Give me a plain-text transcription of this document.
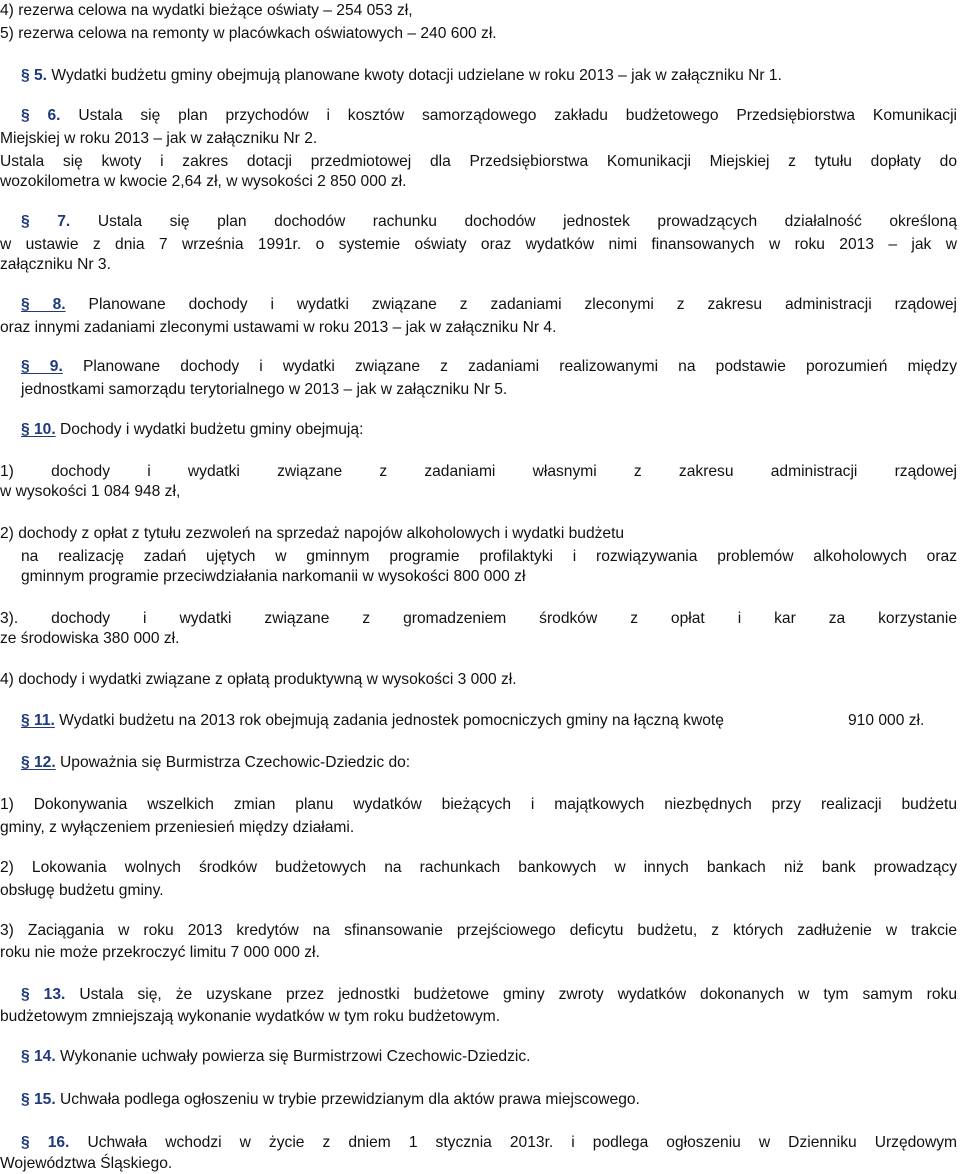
4) rezerwa celowa na wydatki bieżące oświaty – 254 053 zł,

5) rezerwa celowa na remonty w placówkach oświatowych – 240 600 zł.

§ 5. Wydatki budżetu gminy obejmują planowane kwoty dotacji udzielane w roku 2013 – jak w załączniku Nr 1.

§ 6. Ustala się plan przychodów i kosztów samorządowego zakładu budżetowego Przedsiębiorstwa Komunikacji

Miejskiej w roku 2013 – jak w załączniku Nr 2.

Ustala się kwoty i zakres dotacji przedmiotowej dla Przedsiębiorstwa Komunikacji Miejskiej z tytułu dopłaty do

wozokilometra w kwocie 2,64 zł, w wysokości 2 850 000 zł.

§ 7. Ustala się plan dochodów rachunku dochodów jednostek prowadzących działalność określoną

w ustawie z dnia 7 września 1991r. o systemie oświaty oraz wydatków nimi finansowanych w roku 2013 – jak w

załączniku Nr 3.

§ 8. Planowane dochody i wydatki związane z zadaniami zleconymi z zakresu administracji rządowej

oraz innymi zadaniami zleconymi ustawami w roku 2013 – jak w załączniku Nr 4.

§ 9. Planowane dochody i wydatki związane z zadaniami realizowanymi na podstawie porozumień między

jednostkami samorządu terytorialnego w 2013 – jak w załączniku Nr 5.

§ 10. Dochody i wydatki budżetu gminy obejmują:

1) dochody i wydatki związane z zadaniami własnymi z zakresu administracji rządowej

w wysokości 1 084 948 zł,

2) dochody z opłat z tytułu zezwoleń na sprzedaż napojów alkoholowych i wydatki budżetu

na realizację zadań ujętych w gminnym programie profilaktyki i rozwiązywania problemów alkoholowych oraz

gminnym programie przeciwdziałania narkomanii w wysokości 800 000 zł

3). dochody i wydatki związane z gromadzeniem środków z opłat i kar za korzystanie

ze środowiska 380 000 zł.

4) dochody i wydatki związane z opłatą produktywną w wysokości 3 000 zł.

§ 11. Wydatki budżetu na 2013 rok obejmują zadania jednostek pomocniczych gminy na łączną kwotę	910 000 zł.

§ 12. Upoważnia się Burmistrza Czechowic-Dziedzic do:

1) Dokonywania wszelkich zmian planu wydatków bieżących i majątkowych niezbędnych przy realizacji budżetu

gminy, z wyłączeniem przeniesień między działami.

2) Lokowania wolnych środków budżetowych na rachunkach bankowych w innych bankach niż bank prowadzący

obsługę budżetu gminy.

3) Zaciągania w roku 2013 kredytów na sfinansowanie przejściowego deficytu budżetu, z których zadłużenie w trakcie

roku nie może przekroczyć limitu 7 000 000 zł.

§ 13. Ustala się, że uzyskane przez jednostki budżetowe gminy zwroty wydatków dokonanych w tym samym roku

budżetowym zmniejszają wykonanie wydatków w tym roku budżetowym.

§ 14. Wykonanie uchwały powierza się Burmistrzowi Czechowic-Dziedzic.

§ 15. Uchwała podlega ogłoszeniu w trybie przewidzianym dla aktów prawa miejscowego.

§ 16. Uchwała wchodzi w życie z dniem 1 stycznia 2013r. i podlega ogłoszeniu w Dzienniku Urzędowym

Województwa Śląskiego.
